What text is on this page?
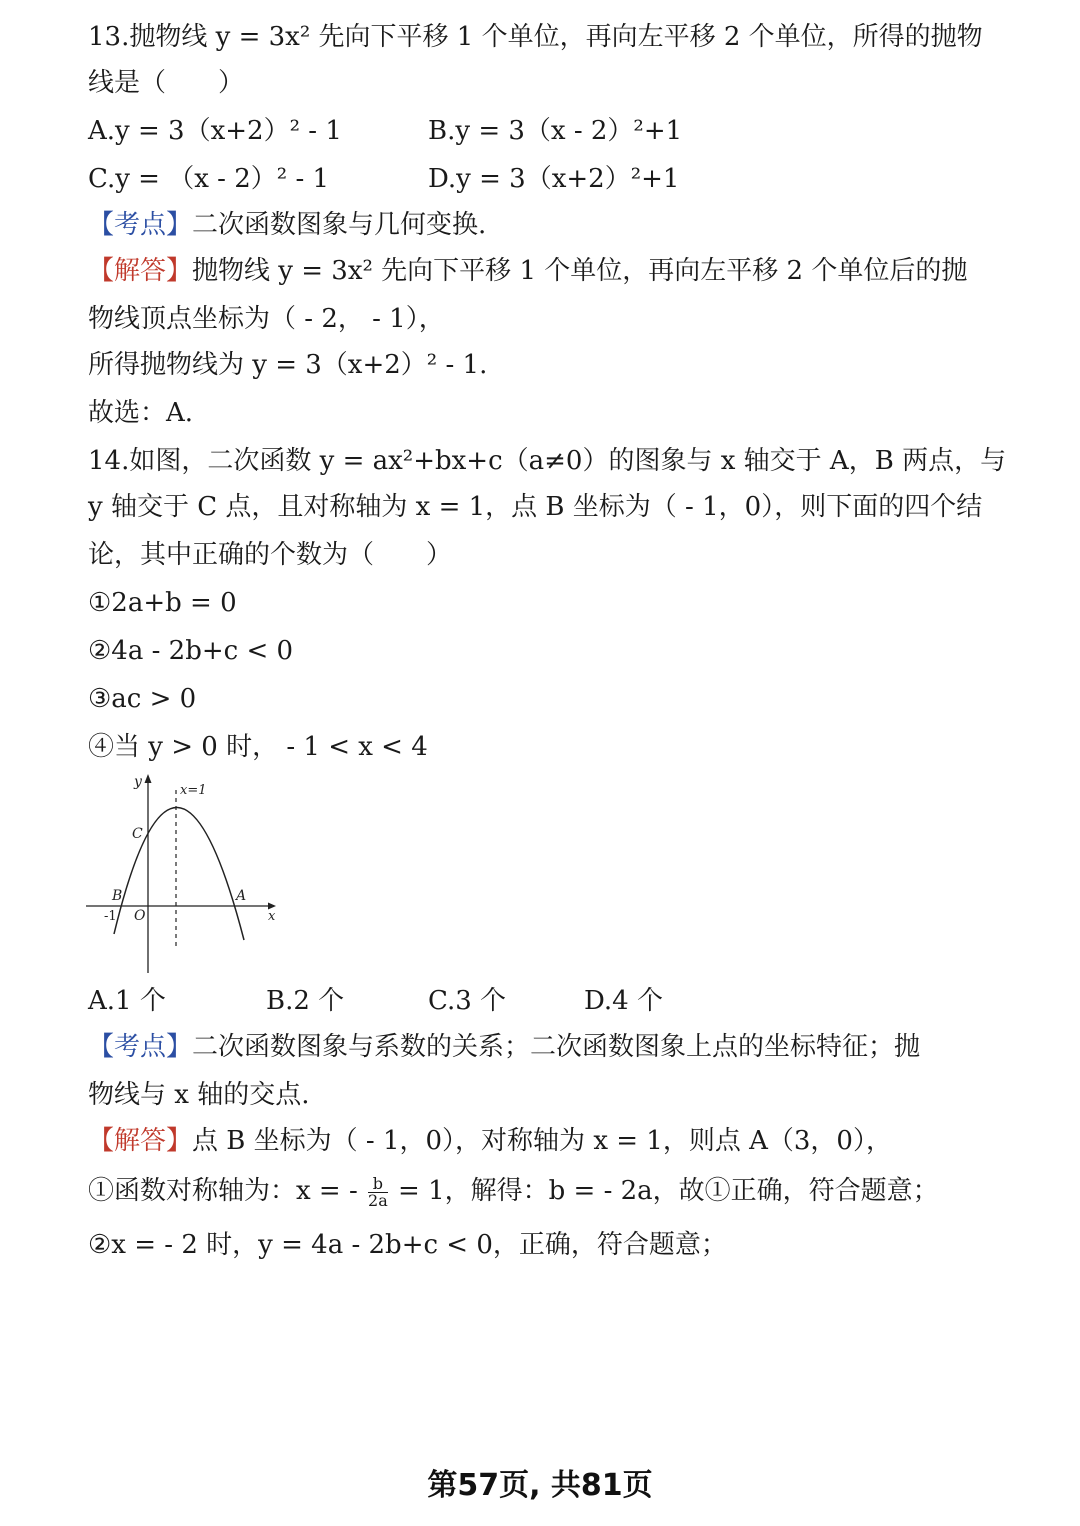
13.抛物线 y = 3x² 先向下平移 1 个单位，再向左平移 2 个单位，所得的抛物
线是（　　）
A.y = 3（x+2）² - 1	B.y = 3（x - 2）²+1
C.y = （x - 2）² - 1	D.y = 3（x+2）²+1
【考点】二次函数图象与几何变换.
【解答】抛物线 y = 3x² 先向下平移 1 个单位，再向左平移 2 个单位后的抛
物线顶点坐标为（ - 2， - 1），
所得抛物线为 y = 3（x+2）² - 1.
故选：A.
14.如图，二次函数 y = ax²+bx+c（a≠0）的图象与 x 轴交于 A，B 两点，与
y 轴交于 C 点，且对称轴为 x = 1，点 B 坐标为（ - 1，0），则下面的四个结
论，其中正确的个数为（　　）
①2a+b = 0
②4a - 2b+c < 0
③ac > 0
④当 y > 0 时， - 1 < x < 4
y
x=1
C
B	A
-1 O	x
A.1 个	B.2 个	C.3 个	D.4 个
【考点】二次函数图象与系数的关系；二次函数图象上点的坐标特征；抛
物线与 x 轴的交点.
【解答】点 B 坐标为（ - 1，0），对称轴为 x = 1，则点 A（3，0），
①函数对称轴为：x = - $\frac{b}{2a} = 1$，解得：b = - 2a，故①正确，符合题意；
②x = - 2 时，y = 4a - 2b+c < 0，正确，符合题意；
第57页, 共81页
